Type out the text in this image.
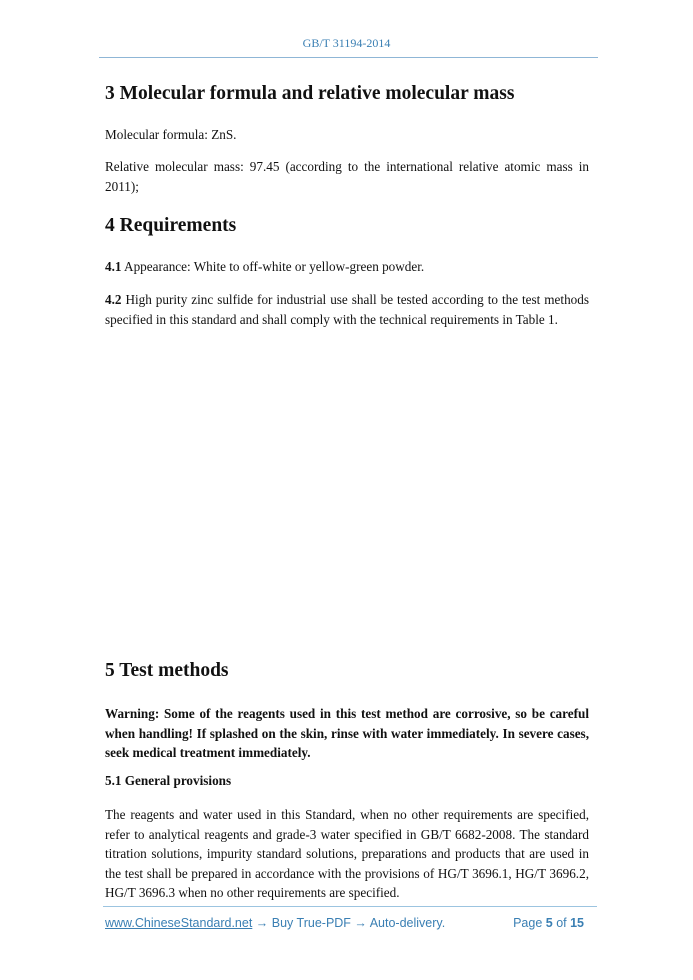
GB/T 31194-2014
3 Molecular formula and relative molecular mass

Molecular formula: ZnS.

Relative molecular mass: 97.45 (according to the international relative atomic mass in 2011);

4 Requirements

4.1 Appearance: White to off-white or yellow-green powder.

4.2 High purity zinc sulfide for industrial use shall be tested according to the test methods specified in this standard and shall comply with the technical requirements in Table 1.

5 Test methods

Warning: Some of the reagents used in this test method are corrosive, so be careful when handling! If splashed on the skin, rinse with water immediately. In severe cases, seek medical treatment immediately.

5.1 General provisions

The reagents and water used in this Standard, when no other requirements are specified, refer to analytical reagents and grade-3 water specified in GB/T 6682-2008. The standard titration solutions, impurity standard solutions, preparations and products that are used in the test shall be prepared in accordance with the provisions of HG/T 3696.1, HG/T 3696.2, HG/T 3696.3 when no other requirements are specified.

www.ChineseStandard.net → Buy True-PDF → Auto-delivery.	Page 5 of 15
